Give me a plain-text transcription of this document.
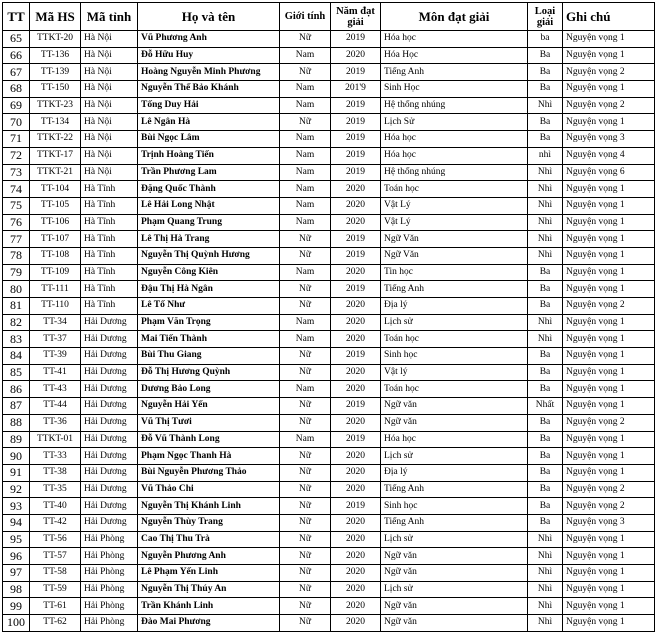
TT	Mã HS	Mã tỉnh	Họ và tên	Giới tính	Năm đạt giải	Môn đạt giải	Loại giải	Ghi chú
65	TTKT-20	Hà Nội	Vũ Phương Anh	Nữ	2019	Hóa học	ba	Nguyện vọng 1
66	TT-136	Hà Nội	Đỗ Hữu Huy	Nam	2020	Hóa Học	Ba	Nguyện vọng 1
67	TT-139	Hà Nội	Hoàng Nguyễn Minh Phương	Nữ	2019	Tiếng Anh	Ba	Nguyện vọng 2
68	TT-150	Hà Nội	Nguyễn Thế Bảo Khánh	Nam	201'9	Sinh Học	Ba	Nguyện vọng 1
69	TTKT-23	Hà Nội	Tống Duy Hải	Nam	2019	Hệ thống nhúng	Nhì	Nguyện vọng 2
70	TT-134	Hà Nội	Lê Ngân Hà	Nữ	2019	Lịch Sử	Ba	Nguyện vọng 1
71	TTKT-22	Hà Nội	Bùi Ngọc Lâm	Nam	2019	Hóa học	Ba	Nguyện vọng 3
72	TTKT-17	Hà Nội	Trịnh Hoàng Tiến	Nam	2019	Hóa học	nhì	Nguyện vọng 4
73	TTKT-21	Hà Nội	Trần Phương Lam	Nam	2019	Hệ thống nhúng	Nhì	Nguyện vọng 6
74	TT-104	Hà Tĩnh	Đặng Quốc Thành	Nam	2020	Toán học	Nhì	Nguyện vọng 1
75	TT-105	Hà Tĩnh	Lê Hải Long Nhật	Nam	2020	Vật Lý	Nhì	Nguyện vọng 1
76	TT-106	Hà Tĩnh	Phạm Quang Trung	Nam	2020	Vật Lý	Nhì	Nguyện vọng 1
77	TT-107	Hà Tĩnh	Lê Thị Hà Trang	Nữ	2019	Ngữ Văn	Nhì	Nguyện vọng 1
78	TT-108	Hà Tĩnh	Nguyễn Thị Quỳnh Hương	Nữ	2019	Ngữ Văn	Nhì	Nguyện vọng 1
79	TT-109	Hà Tĩnh	Nguyễn Công Kiên	Nam	2020	Tin học	Ba	Nguyện vọng 1
80	TT-111	Hà Tĩnh	Đậu Thị Hà Ngân	Nữ	2019	Tiếng Anh	Ba	Nguyện vọng 1
81	TT-110	Hà Tĩnh	Lê Tố Như	Nữ	2020	Địa lý	Ba	Nguyện vọng 2
82	TT-34	Hải Dương	Phạm Văn Trọng	Nam	2020	Lịch sử	Nhì	Nguyện vọng 1
83	TT-37	Hải Dương	Mai Tiến Thành	Nam	2020	Toán học	Nhì	Nguyện vọng 1
84	TT-39	Hải Dương	Bùi Thu Giang	Nữ	2019	Sinh học	Ba	Nguyện vọng 1
85	TT-41	Hải Dương	Đỗ Thị Hương Quỳnh	Nữ	2020	Vật lý	Ba	Nguyện vọng 1
86	TT-43	Hải Dương	Dương Bảo Long	Nam	2020	Toán học	Ba	Nguyện vọng 1
87	TT-44	Hải Dương	Nguyễn Hải Yến	Nữ	2019	Ngữ văn	Nhất	Nguyện vọng 1
88	TT-36	Hải Dương	Vũ Thị Tươi	Nữ	2020	Ngữ văn	Ba	Nguyện vọng 2
89	TTKT-01	Hải Dương	Đỗ Vũ Thành Long	Nam	2019	Hóa học	Ba	Nguyện vọng 1
90	TT-33	Hải Dương	Phạm Ngọc Thanh Hà	Nữ	2020	Lịch sử	Ba	Nguyện vọng 1
91	TT-38	Hải Dương	Bùi Nguyễn Phương Thảo	Nữ	2020	Địa lý	Ba	Nguyện vọng 1
92	TT-35	Hải Dương	Vũ Thảo Chi	Nữ	2020	Tiếng Anh	Ba	Nguyện vọng 2
93	TT-40	Hải Dương	Nguyễn Thị Khánh Linh	Nữ	2019	Sinh học	Ba	Nguyện vọng 2
94	TT-42	Hải Dương	Nguyễn Thùy Trang	Nữ	2020	Tiếng Anh	Ba	Nguyện vọng 3
95	TT-56	Hải Phòng	Cao Thị Thu Trà	Nữ	2020	Lịch sử	Nhì	Nguyện vọng 1
96	TT-57	Hải Phòng	Nguyễn Phương Anh	Nữ	2020	Ngữ văn	Nhì	Nguyện vọng 1
97	TT-58	Hải Phòng	Lê Phạm Yến Linh	Nữ	2020	Ngữ văn	Nhì	Nguyện vọng 1
98	TT-59	Hải Phòng	Nguyễn Thị Thúy An	Nữ	2020	Lịch sử	Nhì	Nguyện vọng 1
99	TT-61	Hải Phòng	Trần Khánh Linh	Nữ	2020	Ngữ văn	Nhì	Nguyện vọng 1
100	TT-62	Hải Phòng	Đào Mai Phương	Nữ	2020	Ngữ văn	Nhì	Nguyện vọng 1
